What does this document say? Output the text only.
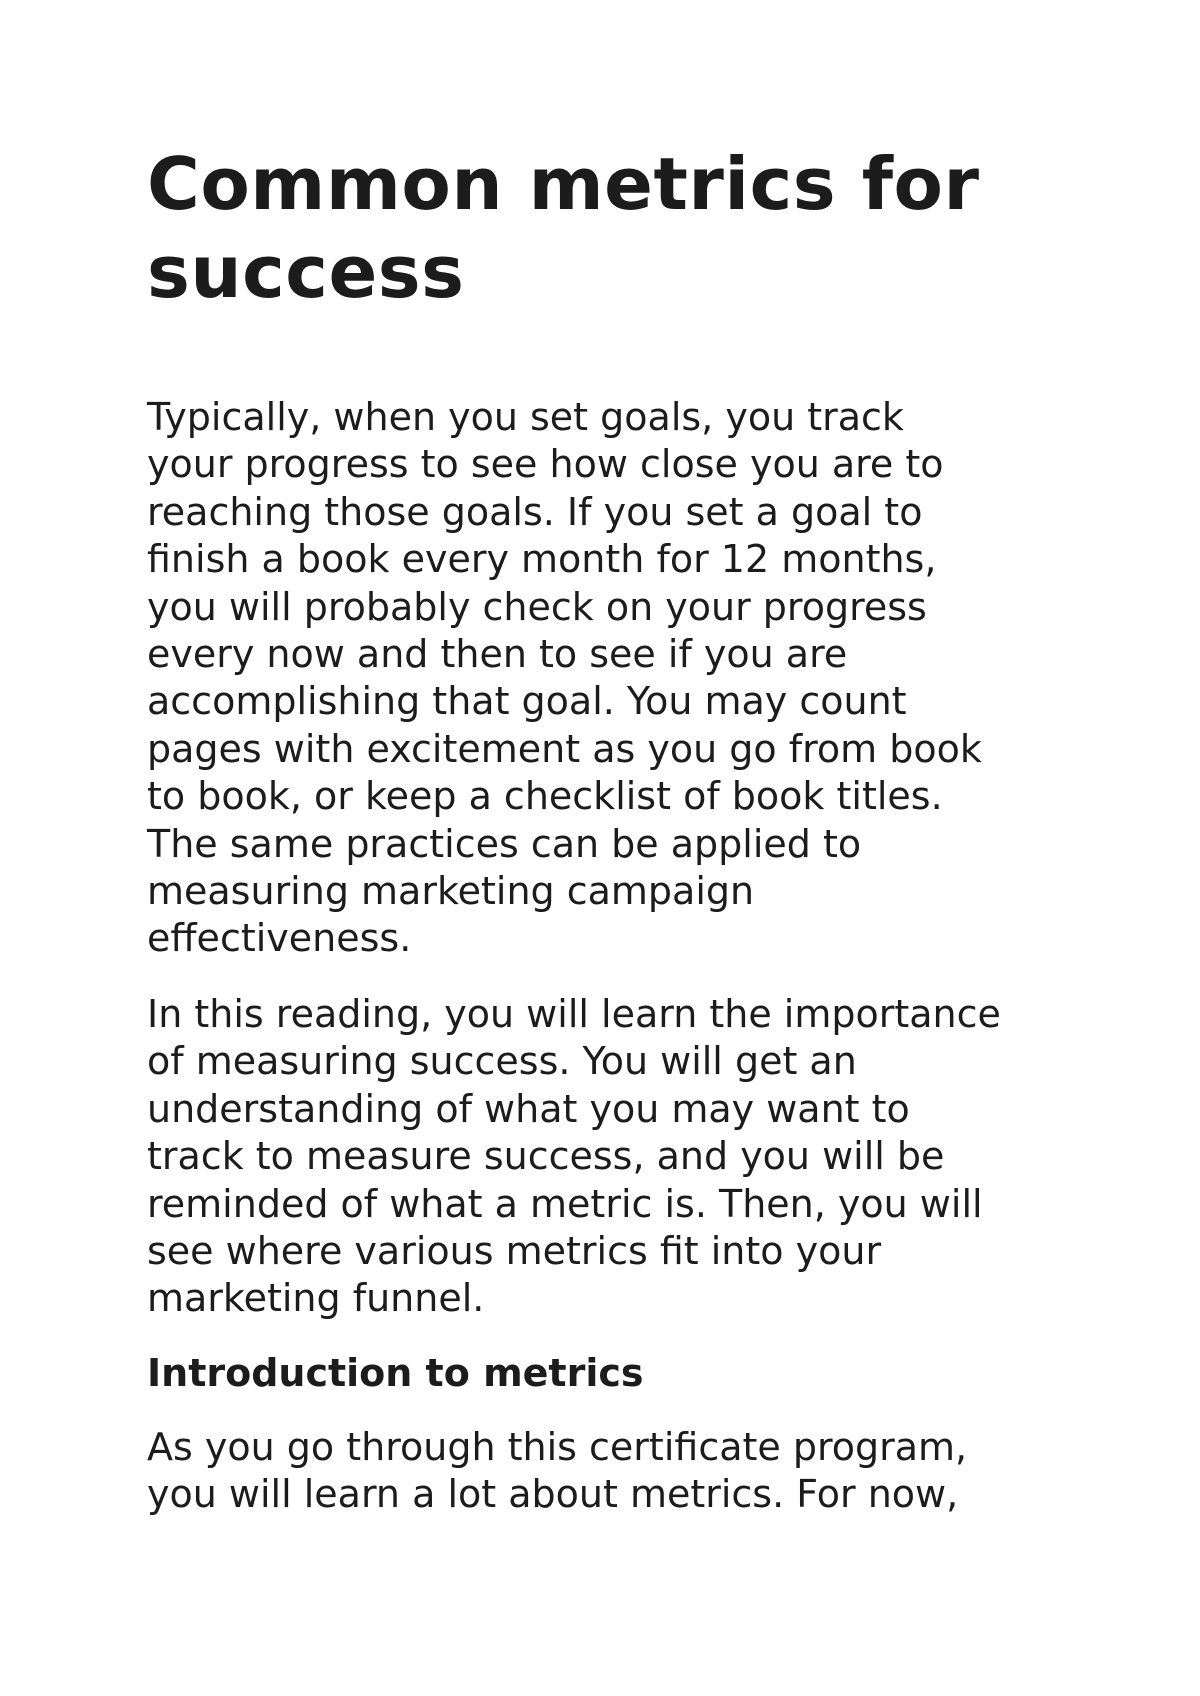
Common metrics for
success

Typically, when you set goals, you track
your progress to see how close you are to
reaching those goals. If you set a goal to
finish a book every month for 12 months,
you will probably check on your progress
every now and then to see if you are
accomplishing that goal. You may count
pages with excitement as you go from book
to book, or keep a checklist of book titles.
The same practices can be applied to
measuring marketing campaign
effectiveness.

In this reading, you will learn the importance
of measuring success. You will get an
understanding of what you may want to
track to measure success, and you will be
reminded of what a metric is. Then, you will
see where various metrics fit into your
marketing funnel.

Introduction to metrics

As you go through this certificate program,
you will learn a lot about metrics. For now,
